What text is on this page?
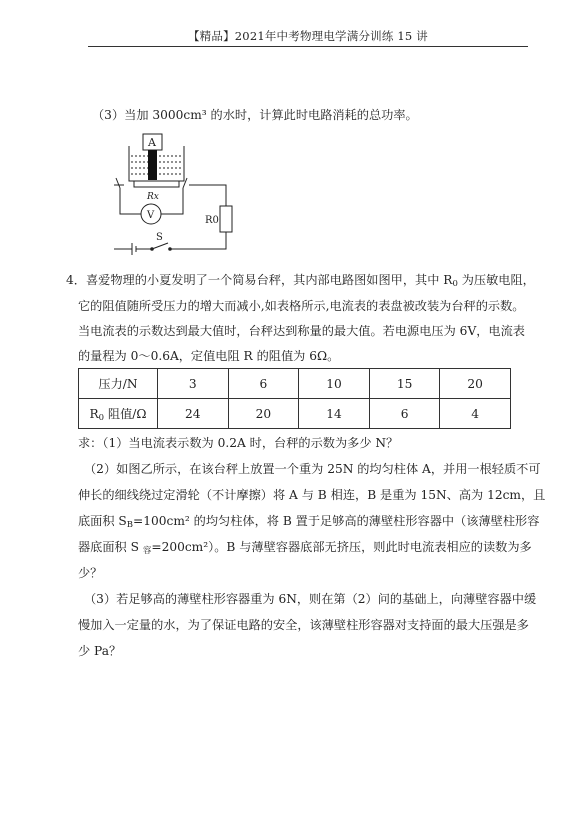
【精品】2021年中考物理电学满分训练 15 讲
（3）当加 3000cm³ 的水时，计算此时电路消耗的总功率。
A
Rx
V	R0
S
4．喜爱物理的小夏发明了一个简易台秤，其内部电路图如图甲，其中 $R_0$ 为压敏电阻，
它的阻值随所受压力的增大而减小,如表格所示,电流表的表盘被改装为台秤的示数。
当电流表的示数达到最大值时，台秤达到称量的最大值。若电源电压为 6V，电流表
的量程为 0～0.6A，定值电阻 R 的阻值为 6Ω。
压力/N	3	6	10	15	20
$R_0$ 阻值/Ω	24	20	14	6	4
求：（1）当电流表示数为 0.2A 时，台秤的示数为多少 N？
（2）如图乙所示，在该台秤上放置一个重为 25N 的均匀柱体 A，并用一根轻质不可
伸长的细线绕过定滑轮（不计摩擦）将 A 与 B 相连，B 是重为 15N、高为 12cm，且
底面积 $S_B=100cm^2$ 的均匀柱体，将 B 置于足够高的薄壁柱形容器中（该薄壁柱形容
器底面积 S $_容$=200cm²）。B 与薄壁容器底部无挤压，则此时电流表相应的读数为多
少？
（3）若足够高的薄壁柱形容器重为 6N，则在第（2）问的基础上，向薄壁容器中缓
慢加入一定量的水，为了保证电路的安全，该薄壁柱形容器对支持面的最大压强是多
少 Pa？
